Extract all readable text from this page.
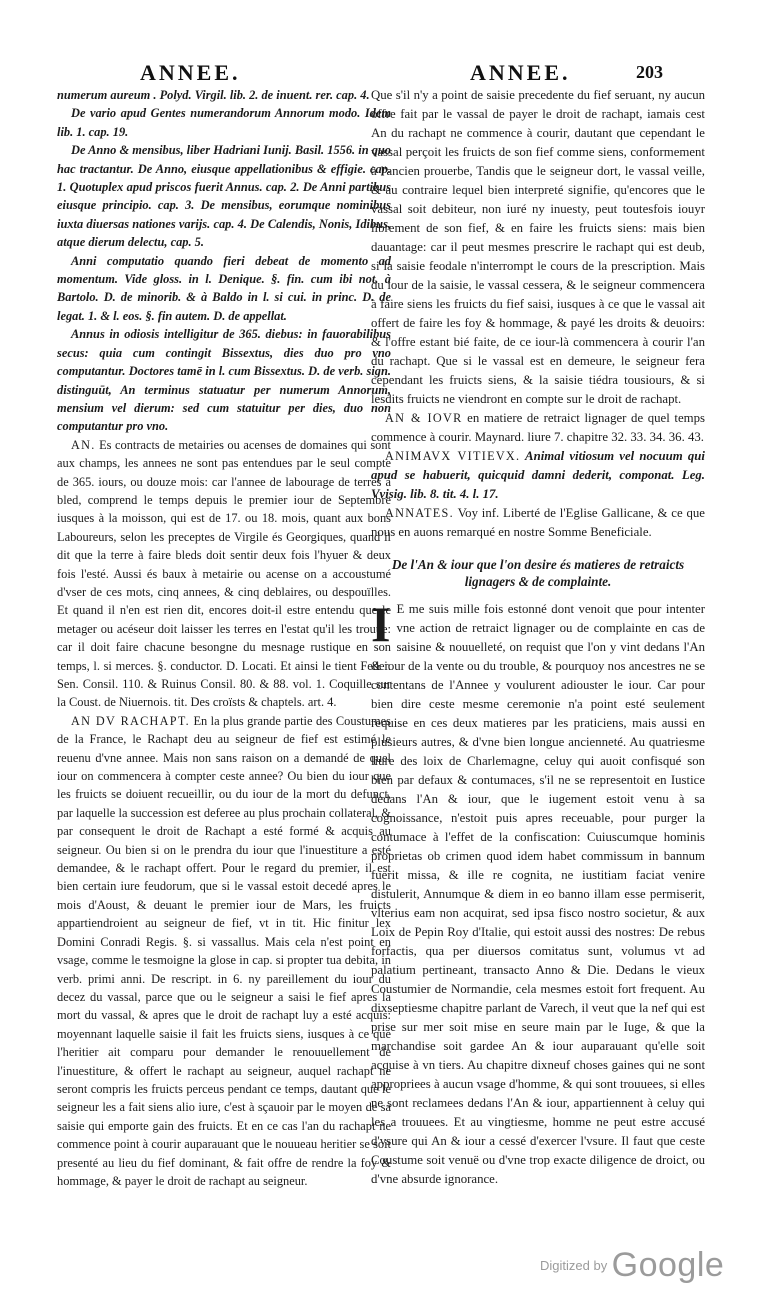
ANNEE.	ANNEE.	203

numerum aureum . Polyd. Virgil. lib. 2. de inuent. rer. cap. 4.

De vario apud Gentes numerandorum Annorum modo. Idem lib. 1. cap. 19.

De Anno & mensibus, liber Hadriani Iunij. Basil. 1556. in quo hac tractantur. De Anno, eiusque appellationibus & effigie. cap. 1. Quotuplex apud priscos fuerit Annus. cap. 2. De Anni partibus eiusque principio. cap. 3. De mensibus, eorumque nominibus iuxta diuersas nationes varijs. cap. 4. De Calendis, Nonis, Idibus, atque dierum delectu, cap. 5.

Anni computatio quando fieri debeat de momento ad momentum. Vide gloss. in l. Denique. §. fin. cum ibi not. à Bartolo. D. de minorib. & à Baldo in l. si cui. in princ. D. de legat. 1. & l. eos. §. fin autem. D. de appellat.

Annus in odiosis intelligitur de 365. diebus: in fauorabilibus secus: quia cum contingit Bissextus, dies duo pro vno computantur. Doctores tamē in l. cum Bissextus. D. de verb. sign. distinguūt, An terminus statuatur per numerum Annorum, mensium vel dierum: sed cum statuitur per dies, duo non computantur pro vno.

AN. Es contracts de metairies ou acenses de domaines qui sont aux champs, les annees ne sont pas entendues par le seul compte de 365. iours, ou douze mois: car l'annee de labourage de terres à bled, comprend le temps depuis le premier iour de Septembre iusques à la moisson, qui est de 17. ou 18. mois, quant aux bons Laboureurs, selon les preceptes de Virgile és Georgiques, quand il dit que la terre à faire bleds doit sentir deux fois l'hyuer & deux fois l'esté. Aussi és baux à metairie ou acense on a accoustumé d'vser de ces mots, cinq annees, & cinq deblaires, ou despouïlles. Et quand il n'en est rien dit, encores doit-il estre entendu que le metager ou acéseur doit laisser les terres en l'estat qu'il les trouue: car il doit faire chacune besongne du mesnage rustique en son temps, l. si merces. §. conductor. D. Locati. Et ainsi le tient Feder. Sen. Consil. 110. & Ruinus Consil. 80. & 88. vol. 1. Coquille sur la Coust. de Niuernois. tit. Des croïsts & chaptels. art. 4.

AN DV RACHAPT. En la plus grande partie des Coustumes de la France, le Rachapt deu au seigneur de fief est estimé le reuenu d'vne annee. Mais non sans raison on a demandé de quel iour on commencera à compter ceste annee? Ou bien du iour que les fruicts se doiuent recueillir, ou du iour de la mort du defunct, par laquelle la succession est deferee au plus prochain collateral, & par consequent le droit de Rachapt a esté formé & acquis au seigneur. Ou bien si on le prendra du iour que l'inuestiture a esté demandee, & le rachapt offert. Pour le regard du premier, il est bien certain iure feudorum, que si le vassal estoit decedé apres le mois d'Aoust, & deuant le premier iour de Mars, les fruicts appartiendroient au seigneur de fief, vt in tit. Hic finitur lex Domini Conradi Regis. §. si vassallus. Mais cela n'est point en vsage, comme le tesmoigne la glose in cap. si propter tua debita, in verb. primi anni. De rescript. in 6. ny pareillement du iour du decez du vassal, parce que ou le seigneur a saisi le fief apres la mort du vassal, & apres que le droit de rachapt luy a esté acquis: moyennant laquelle saisie il fait les fruicts siens, iusques à ce que l'heritier ait comparu pour demander le renouuellement de l'inuestiture, & offert le rachapt au seigneur, auquel rachapt ne seront compris les fruicts perceus pendant ce temps, dautant que le seigneur les a fait siens alio iure, c'est à sçauoir par le moyen de sa saisie qui emporte gain des fruicts. Et en ce cas l'an du rachapt ne commence point à courir auparauant que le nouueau heritier se soit presenté au lieu du fief dominant, & fait offre de rendre la foy & hommage, & payer le droit de rachapt au seigneur.

Que s'il n'y a point de saisie precedente du fief seruant, ny aucun offre fait par le vassal de payer le droit de rachapt, iamais cest An du rachapt ne commence à courir, dautant que cependant le vassal perçoit les fruicts de son fief comme siens, conformement à l'ancien prouerbe, Tandis que le seigneur dort, le vassal veille, & au contraire lequel bien interpreté signifie, qu'encores que le vassal soit debiteur, non iuré ny inuesty, peut toutesfois iouyr librement de son fief, & en faire les fruicts siens: mais bien dauantage: car il peut mesmes prescrire le rachapt qui est deub, si la saisie feodale n'interrompt le cours de la prescription. Mais du iour de la saisie, le vassal cessera, & le seigneur commencera à faire siens les fruicts du fief saisi, iusques à ce que le vassal ait offert de faire les foy & hommage, & payé les droits & deuoirs: & l'offre estant bié faite, de ce iour-là commencera à courir l'an du rachapt. Que si le vassal est en demeure, le seigneur fera cependant les fruicts siens, & la saisie tiédra tousiours, & si lesdits fruicts ne viendront en compte sur le droit de rachapt.

AN & IOVR en matiere de retraict lignager de quel temps commence à courir. Maynard. liure 7. chapitre 32. 33. 34. 36. 43.

ANIMAVX VITIEVX. Animal vitiosum vel nocuum qui apud se habuerit, quicquid damni dederit, componat. Leg. Vvisig. lib. 8. tit. 4. l. 17.

ANNATES. Voy inf. Liberté de l'Eglise Gallicane, & ce que nous en auons remarqué en nostre Somme Beneficiale.

De l'An & iour que l'on desire és matieres de retraicts lignagers & de complainte.

I E me suis mille fois estonné dont venoit que pour intenter vne action de retraict lignager ou de complainte en cas de saisine & nouuelleté, on requist que l'on y vint dedans l'An & iour de la vente ou du trouble, & pourquoy nos ancestres ne se contentans de l'Annee y voulurent adiouster le iour. Car pour bien dire ceste mesme ceremonie n'a point esté seulement requise en ces deux matieres par les praticiens, mais aussi en plusieurs autres, & d'vne bien longue ancienneté. Au quatriesme liure des loix de Charlemagne, celuy qui auoit confisqué son bien par defaux & contumaces, s'il ne se representoit en Iustice dedans l'An & iour, que le iugement estoit venu à sa cognoissance, n'estoit puis apres receuable, pour purger la contumace à l'effet de la confiscation: Cuiuscumque hominis proprietas ob crimen quod idem habet commissum in bannum fuerit missa, & ille re cognita, ne iustitiam faciat venire distulerit, Annumque & diem in eo banno illam esse permiserit, vlterius eam non acquirat, sed ipsa fisco nostro societur, & aux Loix de Pepin Roy d'Italie, qui estoit aussi des nostres: De rebus forfactis, qua per diuersos comitatus sunt, volumus vt ad palatium pertineant, transacto Anno & Die. Dedans le vieux Coustumier de Normandie, cela mesmes estoit fort frequent. Au dixseptiesme chapitre parlant de Varech, il veut que la nef qui est prise sur mer soit mise en seure main par le Iuge, & que la marchandise soit gardee An & iour auparauant qu'elle soit acquise à vn tiers. Au chapitre dixneuf choses gaines qui ne sont appropriees à aucun vsage d'homme, & qui sont trouuees, si elles ne sont reclamees dedans l'An & iour, appartiennent à celuy qui les a trouuees. Et au vingtiesme, homme ne peut estre accusé d'vsure qui An & iour a cessé d'exercer l'vsure. Il faut que ceste Coustume soit venuë ou d'vne trop exacte diligence de droict, ou d'vne absurde ignorance.

Digitized by Google
